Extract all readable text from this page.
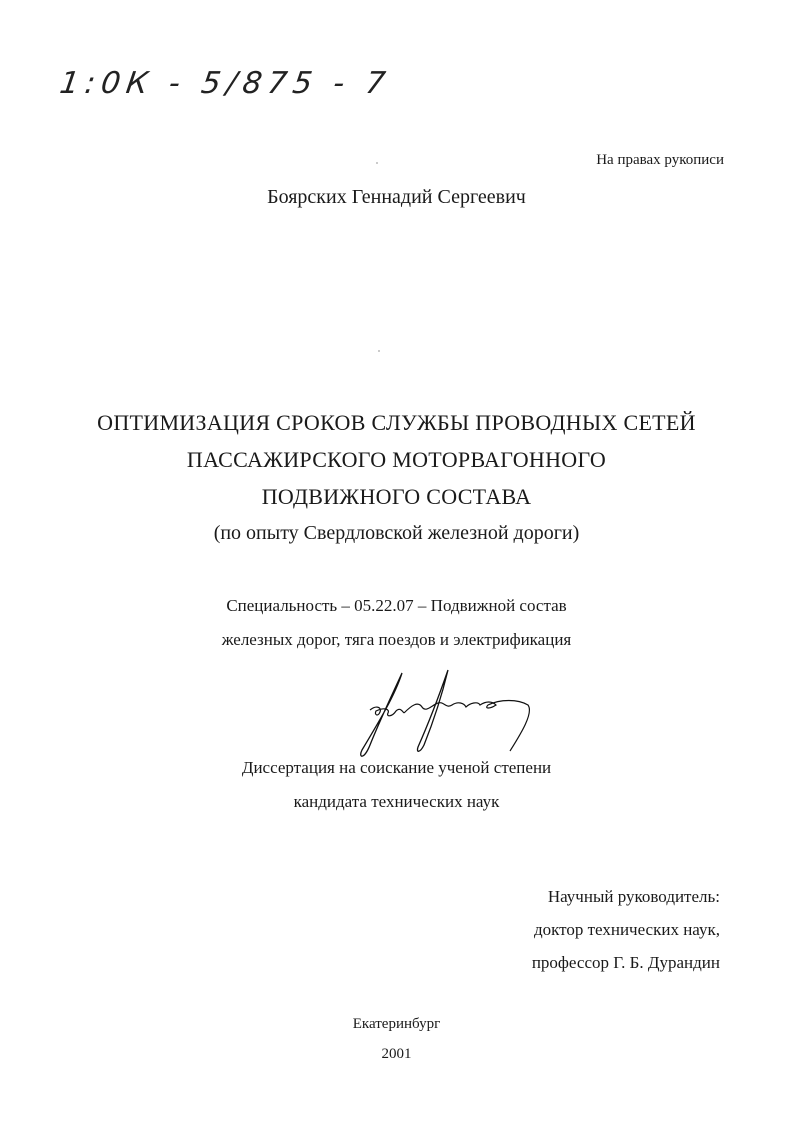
1:0К - 5/875 - 7
На правах рукописи
Боярских Геннадий Сергеевич
ОПТИМИЗАЦИЯ СРОКОВ СЛУЖБЫ ПРОВОДНЫХ СЕТЕЙ
ПАССАЖИРСКОГО МОТОРВАГОННОГО
ПОДВИЖНОГО СОСТАВА
(по опыту Свердловской железной дороги)
Специальность – 05.22.07 – Подвижной состав
железных дорог, тяга поездов и электрификация
Диссертация на соискание ученой степени
кандидата технических наук
Научный руководитель:
доктор технических наук,
профессор Г. Б. Дурандин
Екатеринбург
2001
